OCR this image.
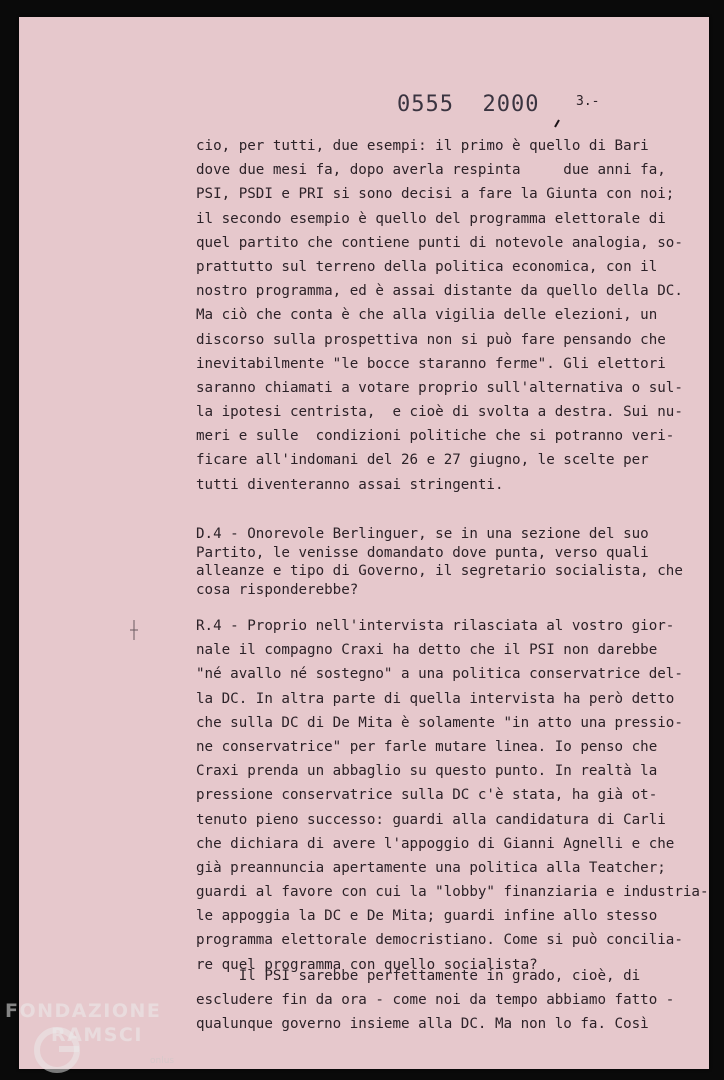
0555 2000	3.-
cio, per tutti, due esempi: il primo è quello di Bari
dove due mesi fa, dopo averla respinta     due anni fa,
PSI, PSDI e PRI si sono decisi a fare la Giunta con noi;
il secondo esempio è quello del programma elettorale di
quel partito che contiene punti di notevole analogia, so-
prattutto sul terreno della politica economica, con il
nostro programma, ed è assai distante da quello della DC.
Ma ciò che conta è che alla vigilia delle elezioni, un
discorso sulla prospettiva non si può fare pensando che
inevitabilmente "le bocce staranno ferme". Gli elettori
saranno chiamati a votare proprio sull'alternativa o sul-
la ipotesi centrista,  e cioè di svolta a destra. Sui nu-
meri e sulle  condizioni politiche che si potranno veri-
ficare all'indomani del 26 e 27 giugno, le scelte per
tutti diventeranno assai stringenti.
D.4 - Onorevole Berlinguer, se in una sezione del suo
Partito, le venisse domandato dove punta, verso quali
alleanze e tipo di Governo, il segretario socialista, che
cosa risponderebbe?
R.4 - Proprio nell'intervista rilasciata al vostro gior-
nale il compagno Craxi ha detto che il PSI non darebbe
"né avallo né sostegno" a una politica conservatrice del-
la DC. In altra parte di quella intervista ha però detto
che sulla DC di De Mita è solamente "in atto una pressio-
ne conservatrice" per farle mutare linea. Io penso che
Craxi prenda un abbaglio su questo punto. In realtà la
pressione conservatrice sulla DC c'è stata, ha già ot-
tenuto pieno successo: guardi alla candidatura di Carli
che dichiara di avere l'appoggio di Gianni Agnelli e che
già preannuncia apertamente una politica alla Teatcher;
guardi al favore con cui la "lobby" finanziaria e industria-
le appoggia la DC e De Mita; guardi infine allo stesso
programma elettorale democristiano. Come si può concilia-
re quel programma con quello socialista?
Il PSI sarebbe perfettamente in grado, cioè, di
escludere fin da ora - come noi da tempo abbiamo fatto -
qualunque governo insieme alla DC. Ma non lo fa. Così
FONDAZIONE
RAMSCI
onlus
